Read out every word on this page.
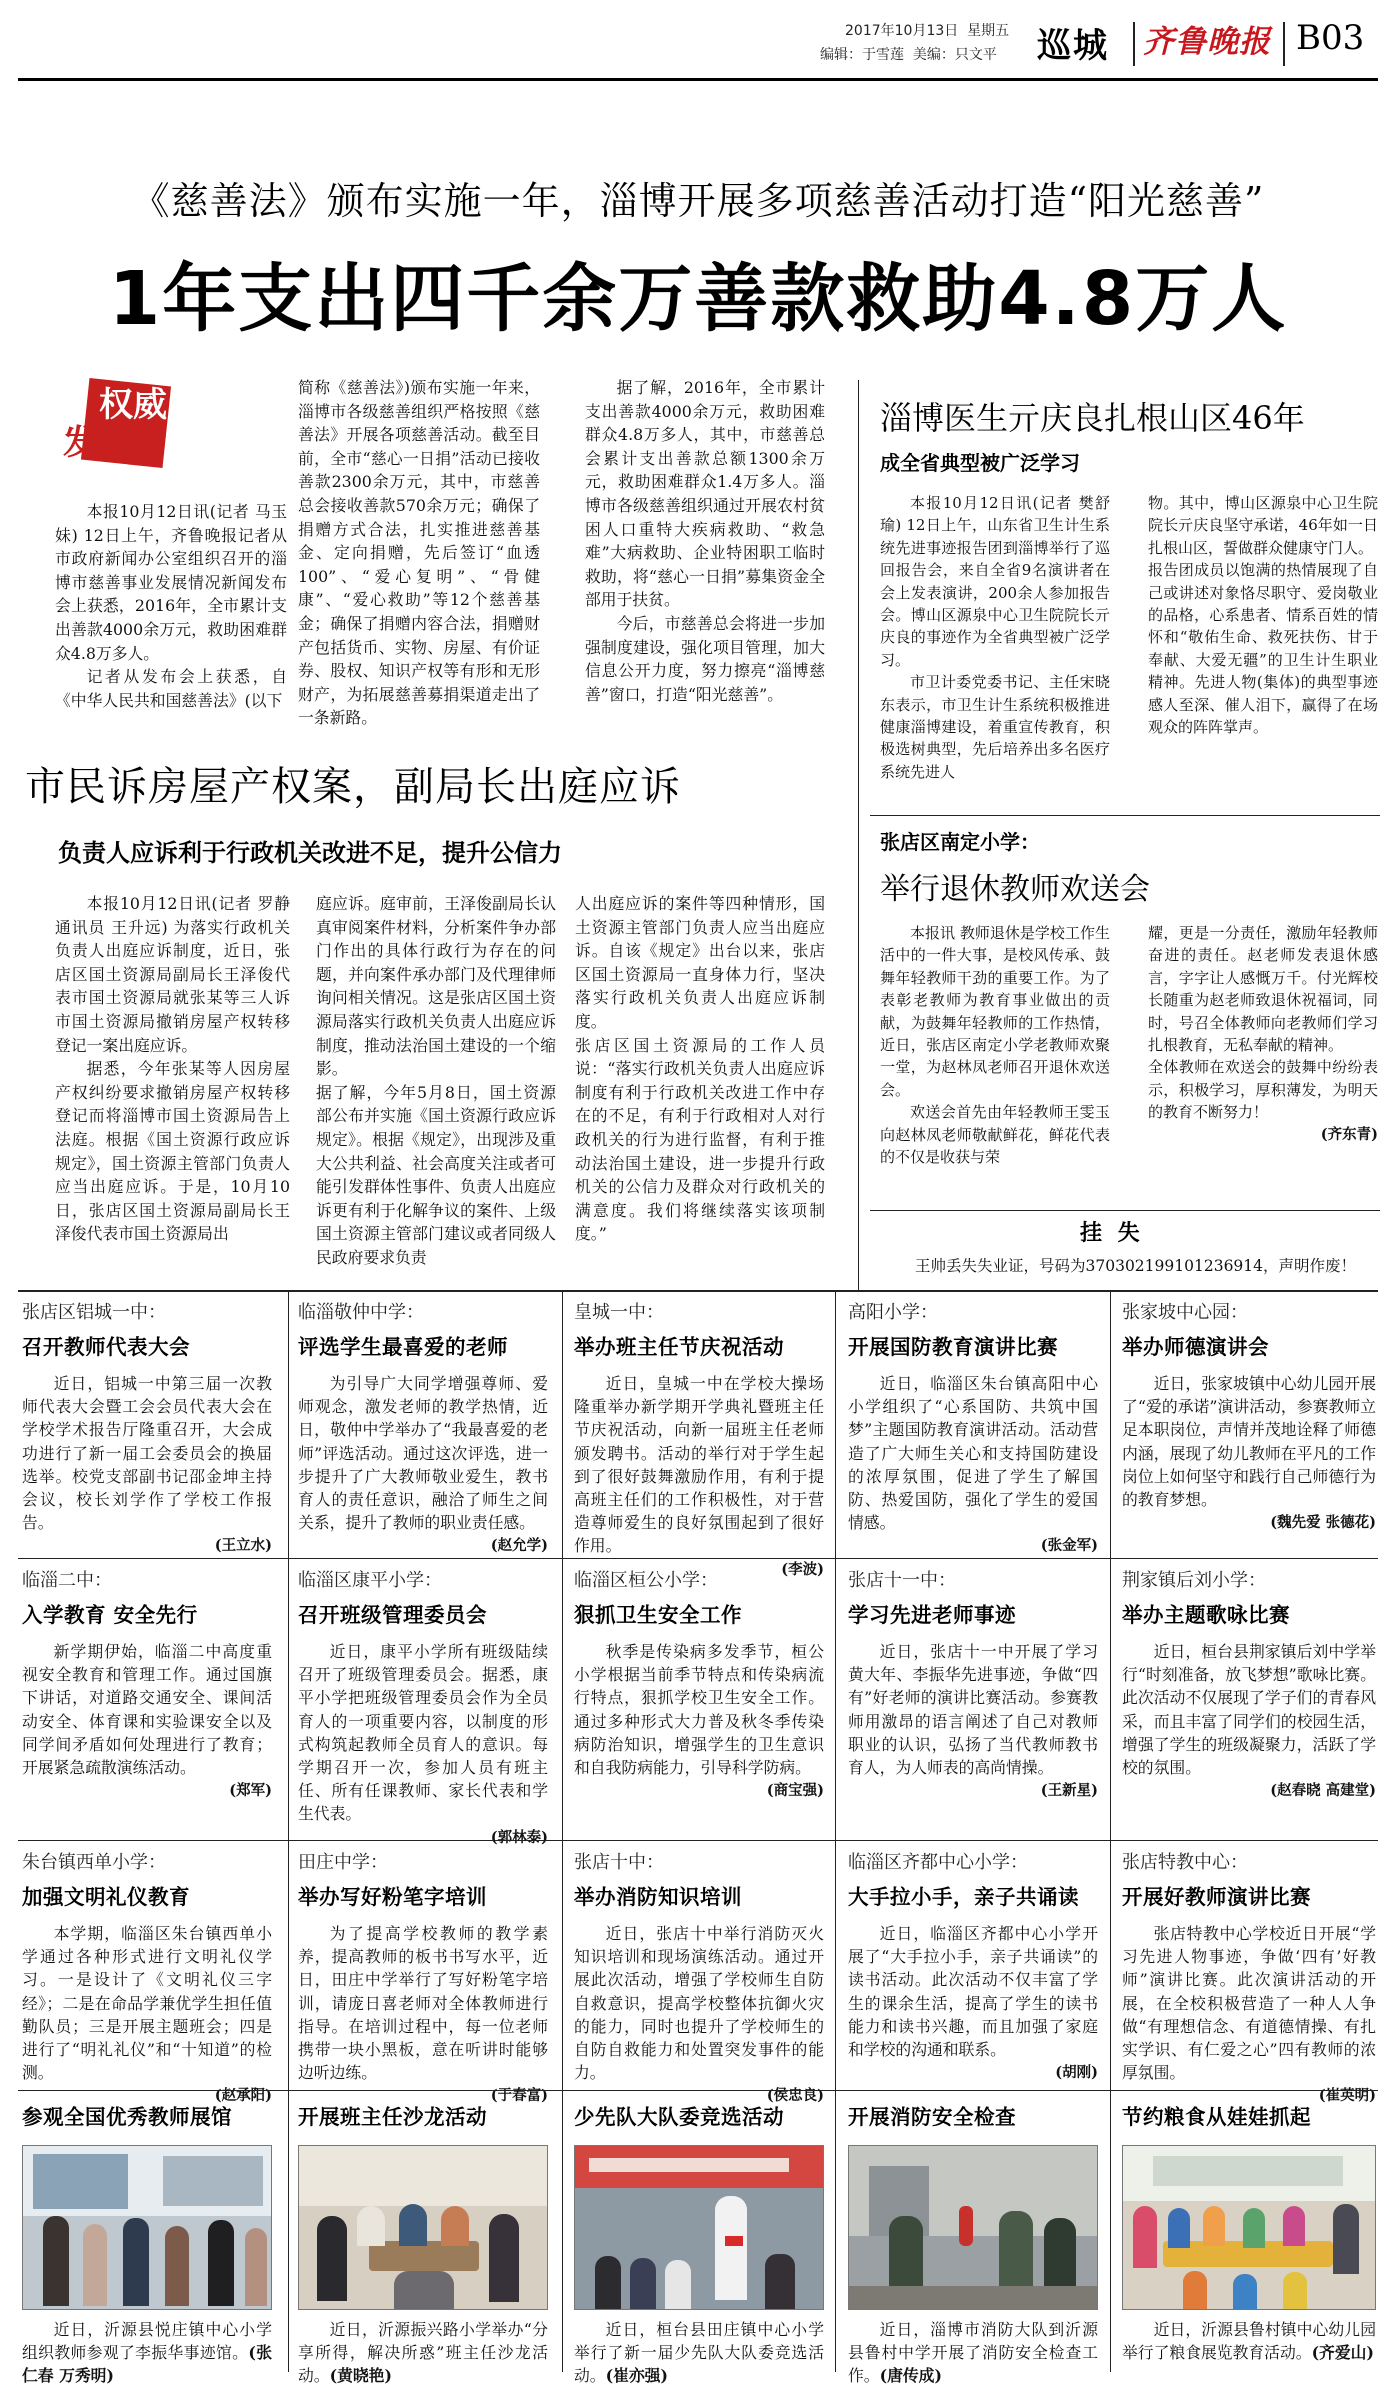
2017年10月13日 星期五
编辑：于雪莲 美编：只文平 巡城 齐鲁晚报 B03
《慈善法》颁布实施一年，淄博开展多项慈善活动打造“阳光慈善”
1年支出四千余万善款救助4.8万人
权威
发布

本报10月12日讯(记者 马玉妹) 12日上午，齐鲁晚报记者从市政府新闻办公室组织召开的淄博市慈善事业发展情况新闻发布会上获悉，2016年，全市累计支出善款4000余万元，救助困难群众4.8万多人。

记者从发布会上获悉，自《中华人民共和国慈善法》(以下

简称《慈善法》)颁布实施一年来，淄博市各级慈善组织严格按照《慈善法》开展各项慈善活动。截至目前，全市“慈心一日捐”活动已接收善款2300余万元，其中，市慈善总会接收善款570余万元；确保了捐赠方式合法，扎实推进慈善基金、定向捐赠，先后签订“血透100”、“爱心复明”、“骨健康”、“爱心救助”等12个慈善基金；确保了捐赠内容合法，捐赠财产包括货币、实物、房屋、有价证券、股权、知识产权等有形和无形财产，为拓展慈善募捐渠道走出了一条新路。

据了解，2016年，全市累计支出善款4000余万元，救助困难群众4.8万多人，其中，市慈善总会累计支出善款总额1300余万元，救助困难群众1.4万多人。淄博市各级慈善组织通过开展农村贫困人口重特大疾病救助、“救急难”大病救助、企业特困职工临时救助，将“慈心一日捐”募集资金全部用于扶贫。

今后，市慈善总会将进一步加强制度建设，强化项目管理，加大信息公开力度，努力擦亮“淄博慈善”窗口，打造“阳光慈善”。

市民诉房屋产权案，副局长出庭应诉
负责人应诉利于行政机关改进不足，提升公信力

本报10月12日讯(记者 罗静 通讯员 王升远) 为落实行政机关负责人出庭应诉制度，近日，张店区国土资源局副局长王泽俊代表市国土资源局就张某等三人诉市国土资源局撤销房屋产权转移登记一案出庭应诉。

据悉，今年张某等人因房屋产权纠纷要求撤销房屋产权转移登记而将淄博市国土资源局告上法庭。根据《国土资源行政应诉规定》，国土资源主管部门负责人应当出庭应诉。于是，10月10日，张店区国土资源局副局长王泽俊代表市国土资源局出

庭应诉。庭审前，王泽俊副局长认真审阅案件材料，分析案件争办部门作出的具体行政行为存在的问题，并向案件承办部门及代理律师询问相关情况。这是张店区国土资源局落实行政机关负责人出庭应诉制度，推动法治国土建设的一个缩影。

据了解，今年5月8日，国土资源部公布并实施《国土资源行政应诉规定》。根据《规定》，出现涉及重大公共利益、社会高度关注或者可能引发群体性事件、负责人出庭应诉更有利于化解争议的案件、上级国土资源主管部门建议或者同级人民政府要求负责

人出庭应诉的案件等四种情形，国土资源主管部门负责人应当出庭应诉。自该《规定》出台以来，张店区国土资源局一直身体力行，坚决落实行政机关负责人出庭应诉制度。

张店区国土资源局的工作人员说：“落实行政机关负责人出庭应诉制度有利于行政机关改进工作中存在的不足，有利于行政相对人对行政机关的行为进行监督，有利于推动法治国土建设，进一步提升行政机关的公信力及群众对行政机关的满意度。我们将继续落实该项制度。”

淄博医生亓庆良扎根山区46年
成全省典型被广泛学习

本报10月12日讯(记者 樊舒瑜) 12日上午，山东省卫生计生系统先进事迹报告团到淄博举行了巡回报告会，来自全省9名演讲者在会上发表演讲，200余人参加报告会。博山区源泉中心卫生院院长亓庆良的事迹作为全省典型被广泛学习。

市卫计委党委书记、主任宋晓东表示，市卫生计生系统积极推进健康淄博建设，着重宣传教育，积极选树典型，先后培养出多名医疗系统先进人

物。其中，博山区源泉中心卫生院院长亓庆良坚守承诺，46年如一日扎根山区，誓做群众健康守门人。

报告团成员以饱满的热情展现了自己或讲述对象恪尽职守、爱岗敬业的品格，心系患者、情系百姓的情怀和“敬佑生命、救死扶伤、甘于奉献、大爱无疆”的卫生计生职业精神。先进人物(集体)的典型事迹感人至深、催人泪下，赢得了在场观众的阵阵掌声。

张店区南定小学：
举行退休教师欢送会

本报讯 教师退休是学校工作生活中的一件大事，是校风传承、鼓舞年轻教师干劲的重要工作。为了表彰老教师为教育事业做出的贡献，为鼓舞年轻教师的工作热情，近日，张店区南定小学老教师欢聚一堂，为赵林凤老师召开退休欢送会。

欢送会首先由年轻教师王雯玉向赵林凤老师敬献鲜花，鲜花代表的不仅是收获与荣

耀，更是一分责任，激励年轻教师奋进的责任。赵老师发表退休感言，字字让人感慨万千。付光辉校长随重为赵老师致退休祝福词，同时，号召全体教师向老教师们学习扎根教育，无私奉献的精神。

全体教师在欢送会的鼓舞中纷纷表示，积极学习，厚积薄发，为明天的教育不断努力！

(齐东青)

挂 失
王帅丢失失业证，号码为370302199101236914，声明作废！
张店区铝城一中：
召开教师代表大会
近日，铝城一中第三届一次教师代表大会暨工会会员代表大会在学校学术报告厅隆重召开，大会成功进行了新一届工会委员会的换届选举。校党支部副书记邵金坤主持会议，校长刘学作了学校工作报告。
(王立水)
临淄敬仲中学：
评选学生最喜爱的老师
为引导广大同学增强尊师、爱师观念，激发老师的教学热情，近日，敬仲中学举办了“我最喜爱的老师”评选活动。通过这次评选，进一步提升了广大教师敬业爱生，教书育人的责任意识，融洽了师生之间关系，提升了教师的职业责任感。
(赵允学)
皇城一中：
举办班主任节庆祝活动
近日，皇城一中在学校大操场隆重举办新学期开学典礼暨班主任节庆祝活动，向新一届班主任老师颁发聘书。活动的举行对于学生起到了很好鼓舞激励作用，有利于提高班主任们的工作积极性，对于营造尊师爱生的良好氛围起到了很好作用。
(李波)
高阳小学：
开展国防教育演讲比赛
近日，临淄区朱台镇高阳中心小学组织了“心系国防、共筑中国梦”主题国防教育演讲活动。活动营造了广大师生关心和支持国防建设的浓厚氛围，促进了学生了解国防、热爱国防，强化了学生的爱国情感。
(张金军)
张家坡中心园：
举办师德演讲会
近日，张家坡镇中心幼儿园开展了“爱的承诺”演讲活动，参赛教师立足本职岗位，声情并茂地诠释了师德内涵，展现了幼儿教师在平凡的工作岗位上如何坚守和践行自己师德行为的教育梦想。
(魏先爱 张德花)
临淄二中：
入学教育 安全先行
新学期伊始，临淄二中高度重视安全教育和管理工作。通过国旗下讲话，对道路交通安全、课间活动安全、体育课和实验课安全以及同学间矛盾如何处理进行了教育；开展紧急疏散演练活动。
(郑军)
临淄区康平小学：
召开班级管理委员会
近日，康平小学所有班级陆续召开了班级管理委员会。据悉，康平小学把班级管理委员会作为全员育人的一项重要内容，以制度的形式构筑起教师全员育人的意识。每学期召开一次，参加人员有班主任、所有任课教师、家长代表和学生代表。
(郭林泰)
临淄区桓公小学：
狠抓卫生安全工作
秋季是传染病多发季节，桓公小学根据当前季节特点和传染病流行特点，狠抓学校卫生安全工作。通过多种形式大力普及秋冬季传染病防治知识，增强学生的卫生意识和自我防病能力，引导科学防病。
(商宝强)
张店十一中：
学习先进老师事迹
近日，张店十一中开展了学习黄大年、李振华先进事迹，争做“四有”好老师的演讲比赛活动。参赛教师用激昂的语言阐述了自己对教师职业的认识，弘扬了当代教师教书育人，为人师表的高尚情操。
(王新星)
荆家镇后刘小学：
举办主题歌咏比赛
近日，桓台县荆家镇后刘中学举行“时刻准备，放飞梦想”歌咏比赛。此次活动不仅展现了学子们的青春风采，而且丰富了同学们的校园生活，增强了学生的班级凝聚力，活跃了学校的氛围。
(赵春晓 高建堂)
朱台镇西单小学：
加强文明礼仪教育
本学期，临淄区朱台镇西单小学通过各种形式进行文明礼仪学习。一是设计了《文明礼仪三字经》；二是在命品学兼优学生担任值勤队员；三是开展主题班会；四是进行了“明礼礼仪”和“十知道”的检测。
(赵承阳)
田庄中学：
举办写好粉笔字培训
为了提高学校教师的教学素养，提高教师的板书书写水平，近日，田庄中学举行了写好粉笔字培训，请庞日喜老师对全体教师进行指导。在培训过程中，每一位老师携带一块小黑板，意在听讲时能够边听边练。
(于春富)
张店十中：
举办消防知识培训
近日，张店十中举行消防灭火知识培训和现场演练活动。通过开展此次活动，增强了学校师生自防自救意识，提高学校整体抗御火灾的能力，同时也提升了学校师生的自防自救能力和处置突发事件的能力。
(侯忠良)
临淄区齐都中心小学：
大手拉小手，亲子共诵读
近日，临淄区齐都中心小学开展了“大手拉小手，亲子共诵读”的读书活动。此次活动不仅丰富了学生的课余生活，提高了学生的读书能力和读书兴趣，而且加强了家庭和学校的沟通和联系。
(胡刚)
张店特教中心：
开展好教师演讲比赛
张店特教中心学校近日开展“学习先进人物事迹，争做‘四有’好教师”演讲比赛。此次演讲活动的开展，在全校积极营造了一种人人争做“有理想信念、有道德情操、有扎实学识、有仁爱之心”四有教师的浓厚氛围。
(崔英明)
参观全国优秀教师展馆
近日，沂源县悦庄镇中心小学组织教师参观了李振华事迹馆。(张仁春 万秀明)
开展班主任沙龙活动
近日，沂源振兴路小学举办“分享所得，解决所惑”班主任沙龙活动。(黄晓艳)
少先队大队委竞选活动
近日，桓台县田庄镇中心小学举行了新一届少先队大队委竞选活动。(崔亦强)
开展消防安全检查
近日，淄博市消防大队到沂源县鲁村中学开展了消防安全检查工作。(唐传成)
节约粮食从娃娃抓起
近日，沂源县鲁村镇中心幼儿园举行了粮食展览教育活动。(齐爱山)
